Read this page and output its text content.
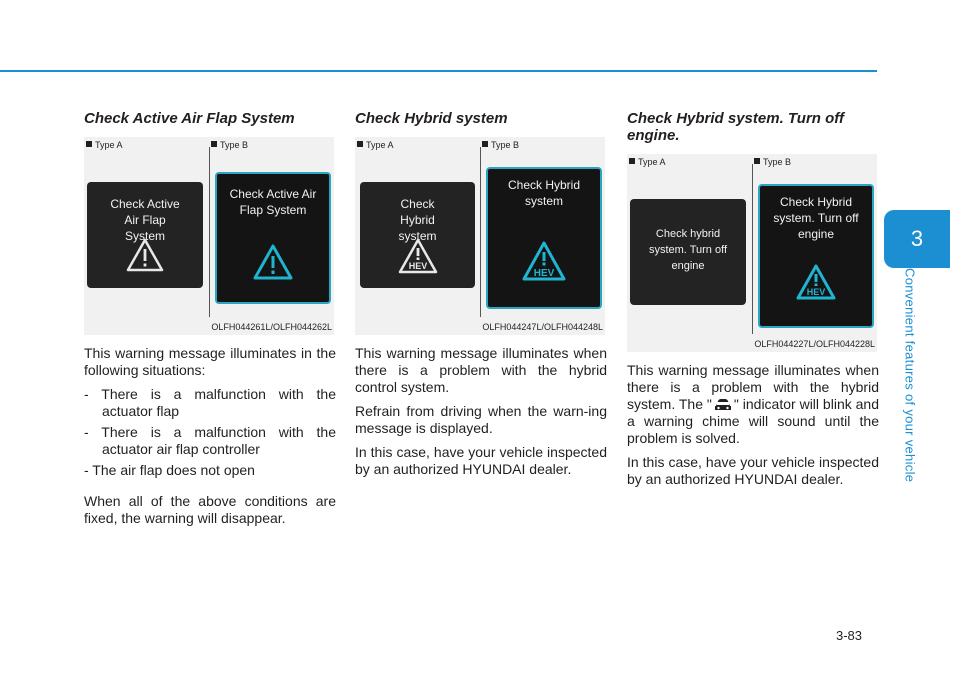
3
Convenient features of your vehicle
Check Active Air Flap System
Type A	Type B
Check Active Air Flap System
Check Active Air Flap System
OLFH044261L/OLFH044262L

This warning message illuminates in the following situations:

- There is a malfunction with the actuator flap

- There is a malfunction with the actuator air flap controller

- The air flap does not open

When all of the above conditions are fixed, the warning will disappear.

Check Hybrid system
Type A	Type B
Check Hybrid system
HEV
Check Hybrid system
HEV
OLFH044247L/OLFH044248L

This warning message illuminates when there is a problem with the hybrid control system.

Refrain from driving when the warn-ing message is displayed.

In this case, have your vehicle inspected by an authorized HYUNDAI dealer.

Check Hybrid system. Turn off engine.
Type A	Type B
Check hybrid system. Turn off engine
Check Hybrid system. Turn off engine
HEV
OLFH044227L/OLFH044228L

This warning message illuminates when there is a problem with the hybrid system. The " " indicator will blink and a warning chime will sound until the problem is solved.

In this case, have your vehicle inspected by an authorized HYUNDAI dealer.

3-83
